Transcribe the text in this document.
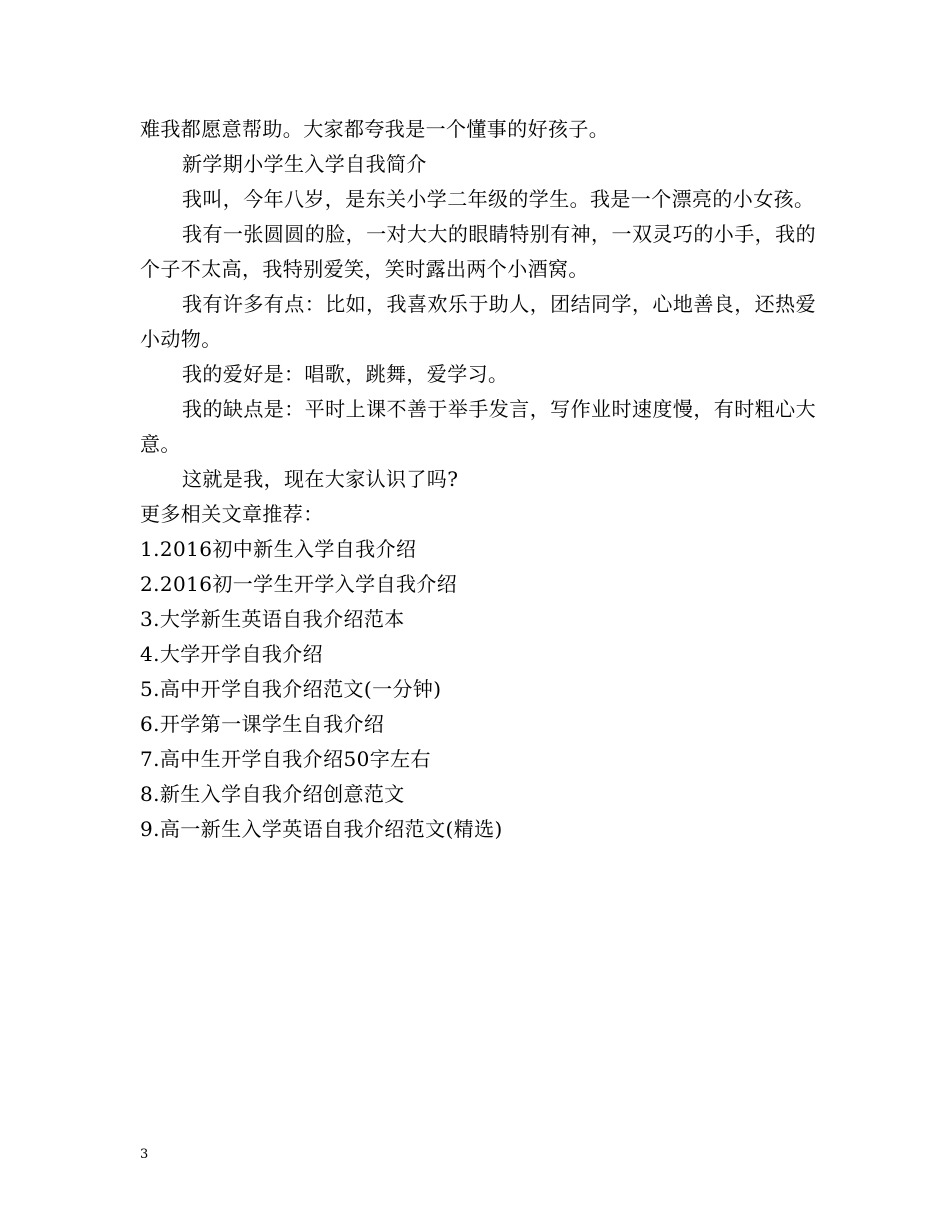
难我都愿意帮助。大家都夸我是一个懂事的好孩子。

新学期小学生入学自我简介

我叫，今年八岁，是东关小学二年级的学生。我是一个漂亮的小女孩。

我有一张圆圆的脸，一对大大的眼睛特别有神，一双灵巧的小手，我的个子不太高，我特别爱笑，笑时露出两个小酒窝。

我有许多有点：比如，我喜欢乐于助人，团结同学，心地善良，还热爱小动物。

我的爱好是：唱歌，跳舞，爱学习。

我的缺点是：平时上课不善于举手发言，写作业时速度慢，有时粗心大意。

这就是我，现在大家认识了吗?

更多相关文章推荐：

1.2016初中新生入学自我介绍
2.2016初一学生开学入学自我介绍
3.大学新生英语自我介绍范本
4.大学开学自我介绍
5.高中开学自我介绍范文(一分钟)
6.开学第一课学生自我介绍
7.高中生开学自我介绍50字左右
8.新生入学自我介绍创意范文
9.高一新生入学英语自我介绍范文(精选)
3
